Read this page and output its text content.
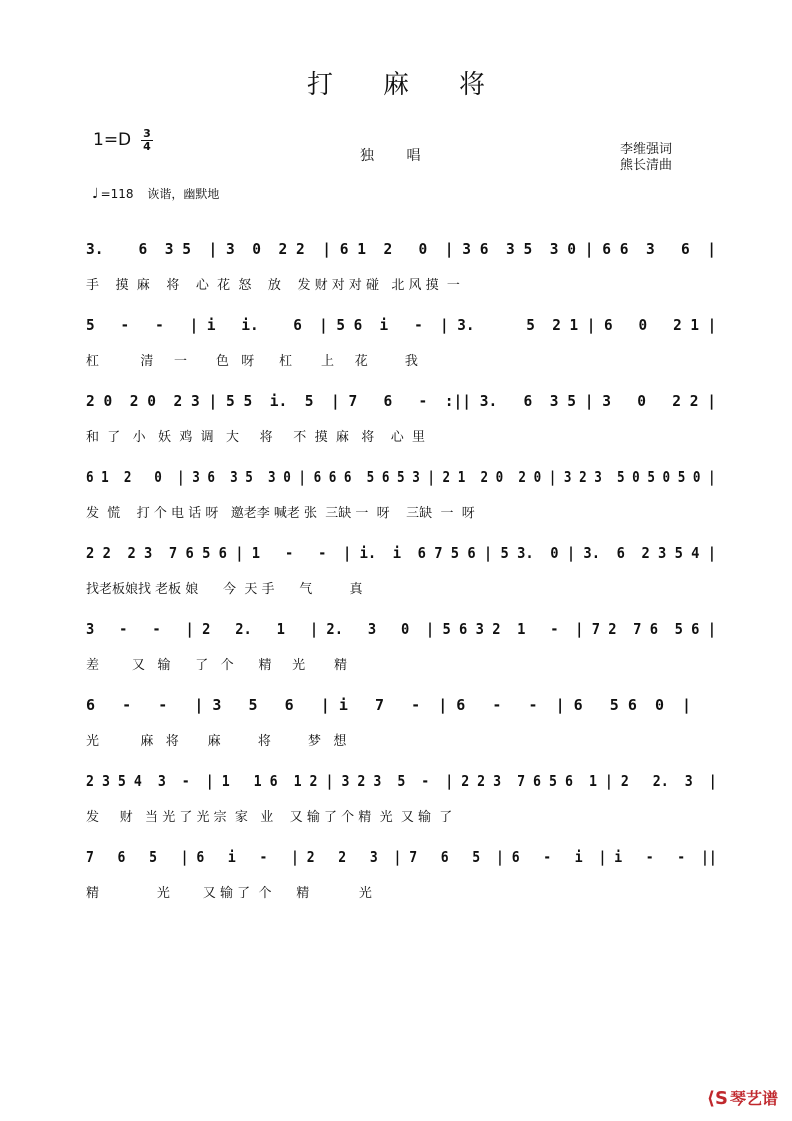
打麻将
1=D 3
4
独 唱	李维强词
熊长清曲
♩ =118 诙谐，幽默地
3.    6  3 5  | 3  0  2 2  | 6 1  2   0  | 3 6  3 5  3 0 | 6 6  3   6  |
手    摸  麻    将    心  花  怒    放    发 财 对 对 碰   北 风 摸  一
5   -   -   | i   i.    6  | 5 6  i   -  | 3.      5  2 1 | 6   0   2 1 |
杠          清     一       色   呀      杠       上     花         我
2 0  2 0  2 3 | 5 5  i.  5  | 7   6   -  :|| 3.   6  3 5 | 3   0   2 2 |
和  了   小   妖  鸡  调   大     将     不  摸  麻   将    心  里
6 1  2   0  | 3 6  3 5  3 0 | 6 6 6  5 6 5 3 | 2 1  2 0  2 0 | 3 2 3  5 0 5 0 5 0 |
发  慌    打 个 电 话 呀   邀老李 喊老 张  三缺 一  呀    三缺  一  呀
2 2  2 3  7 6 5 6 | 1   -   -  | i.  i  6 7 5 6 | 5 3.  0 | 3.  6  2 3 5 4 |
找老板娘找 老板 娘      今  天 手      气         真
3   -   -   | 2   2.   1   | 2.   3   0  | 5 6 3 2  1   -  | 7 2  7 6  5 6 |
差        又   输      了   个      精     光       精
6   -   -   | 3   5   6   | i   7   -  | 6   -   -  | 6   5 6  0  |
光          麻   将       麻         将         梦   想
2 3 5 4  3  -  | 1   1 6  1 2 | 3 2 3  5  -  | 2 2 3  7 6 5 6  1 | 2   2.  3  |
发     财   当 光 了 光 宗  家   业    又 输 了 个 精  光  又 输  了
7   6   5   | 6   i   -   | 2   2   3  | 7   6   5  | 6   -   i  | i   -   -  ||
精              光        又 输 了  个      精            光
⟨S 琴艺谱
